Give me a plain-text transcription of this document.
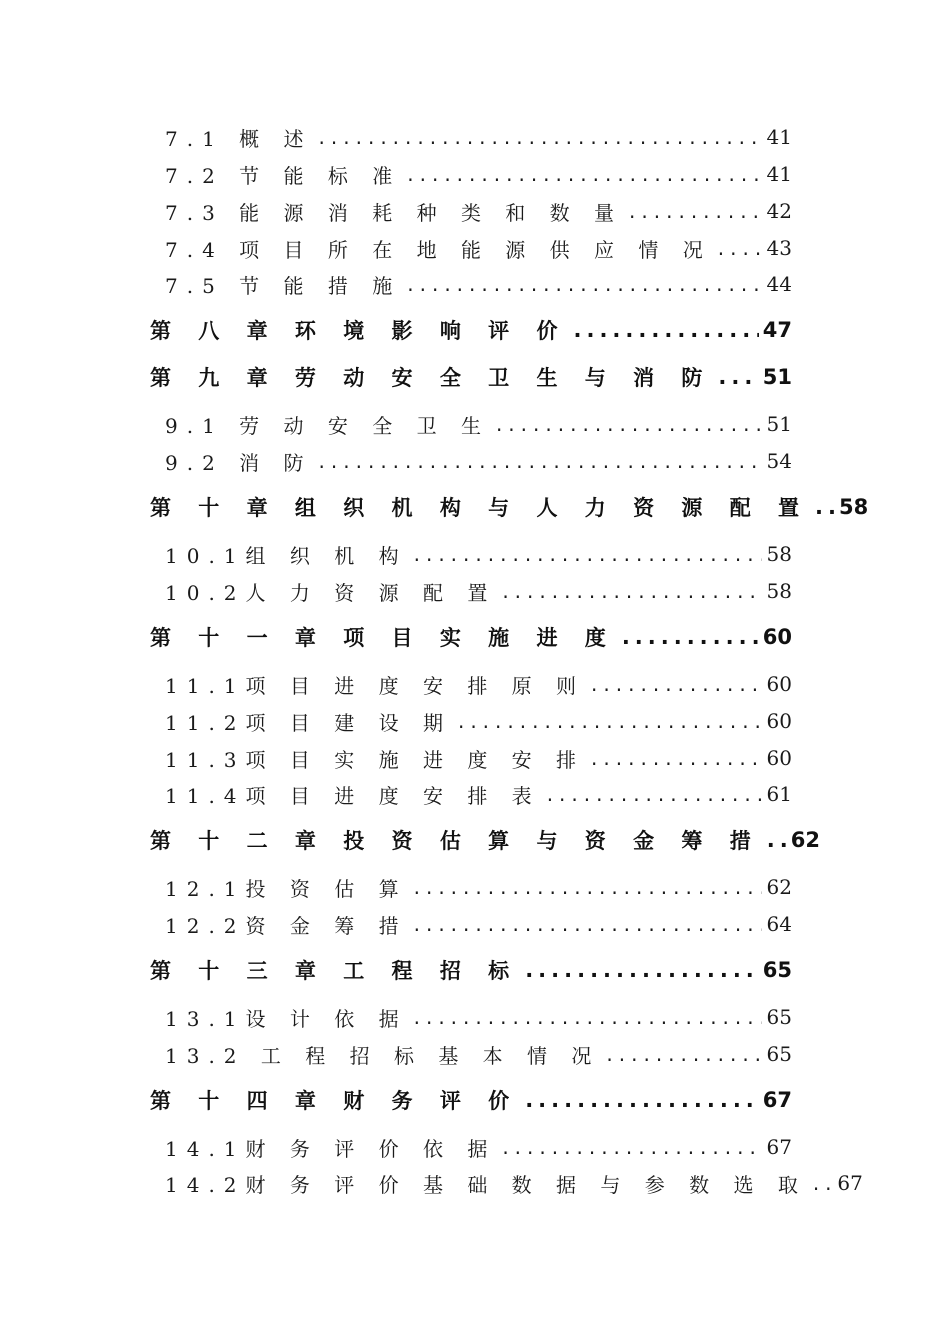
7.1 概 述 .....	41
7.2 节 能 标 准 .....	41
7.3 能 源 消 耗 种 类 和 数 量 .....	42
7.4 项 目 所 在 地 能 源 供 应 情 况 .....	43
7.5 节 能 措 施 .....	44
第 八 章 环 境 影 响 评 价 .....	47
第 九 章 劳 动 安 全 卫 生 与 消 防 ..... 51
9.1 劳 动 安 全 卫 生 .....	51
9.2 消 防 .....	54
第 十 章 组 织 机 构 与 人 力 资 源 配 置 ..... 58
10.1组 织 机 构 .....	58
10.2人 力 资 源 配 置 .....	58
第 十 一 章 项 目 实 施 进 度 .....	60
11.1项 目 进 度 安 排 原 则 .....	60
11.2项 目 建 设 期 .....	60
11.3项 目 实 施 进 度 安 排 .....	60
11.4项 目 进 度 安 排 表 .....	61
第 十 二 章 投 资 估 算 与 资 金 筹 措 ..... 62
12.1投 资 估 算 .....	62
12.2资 金 筹 措 .....	64
第 十 三 章 工 程 招 标 .....	65
13.1设 计 依 据 .....	65
13.2 工 程 招 标 基 本 情 况 .....	65
第 十 四 章 财 务 评 价 .....	67
14.1财 务 评 价 依 据 .....	67
14.2财 务 评 价 基 础 数 据 与 参 数 选 取 ..... 67
